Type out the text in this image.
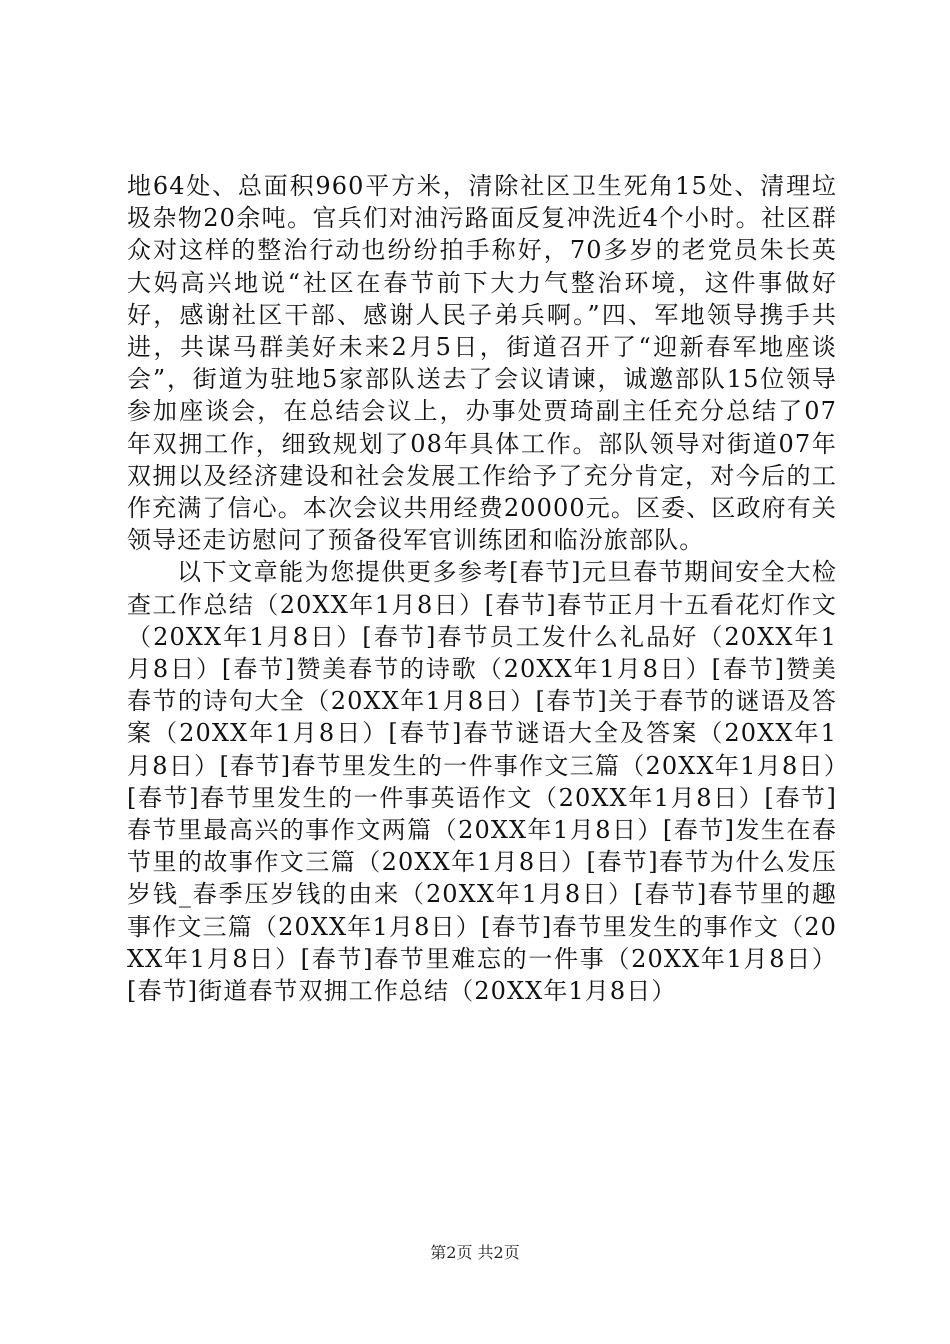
地64处、总面积960平方米，清除社区卫生死角15处、清理垃圾杂物20余吨。官兵们对油污路面反复冲洗近4个小时。社区群众对这样的整治行动也纷纷拍手称好，70多岁的老党员朱长英大妈高兴地说“社区在春节前下大力气整治环境，这件事做好好，感谢社区干部、感谢人民子弟兵啊。”四、军地领导携手共进，共谋马群美好未来2月5日，街道召开了“迎新春军地座谈会”，街道为驻地5家部队送去了会议请谏，诚邀部队15位领导参加座谈会，在总结会议上，办事处贾琦副主任充分总结了07年双拥工作，细致规划了08年具体工作。部队领导对街道07年双拥以及经济建设和社会发展工作给予了充分肯定，对今后的工作充满了信心。本次会议共用经费20000元。区委、区政府有关领导还走访慰问了预备役军官训练团和临汾旅部队。

以下文章能为您提供更多参考[春节]元旦春节期间安全大检查工作总结（20XX年1月8日）[春节]春节正月十五看花灯作文（20XX年1月8日）[春节]春节员工发什么礼品好（20XX年1月8日）[春节]赞美春节的诗歌（20XX年1月8日）[春节]赞美春节的诗句大全（20XX年1月8日）[春节]关于春节的谜语及答案（20XX年1月8日）[春节]春节谜语大全及答案（20XX年1月8日）[春节]春节里发生的一件事作文三篇（20XX年1月8日）[春节]春节里发生的一件事英语作文（20XX年1月8日）[春节]春节里最高兴的事作文两篇（20XX年1月8日）[春节]发生在春节里的故事作文三篇（20XX年1月8日）[春节]春节为什么发压岁钱_春季压岁钱的由来（20XX年1月8日）[春节]春节里的趣事作文三篇（20XX年1月8日）[春节]春节里发生的事作文（20XX年1月8日）[春节]春节里难忘的一件事（20XX年1月8日）[春节]街道春节双拥工作总结（20XX年1月8日）

第2页 共2页
